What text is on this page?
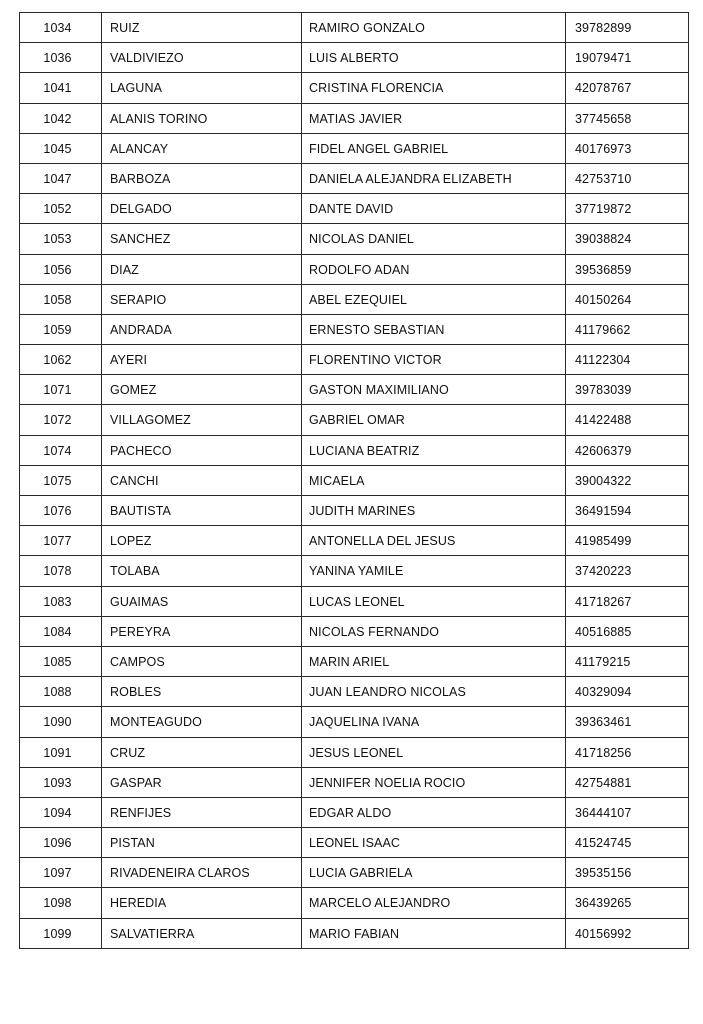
1034	RUIZ	RAMIRO GONZALO	39782899
1036	VALDIVIEZO	LUIS ALBERTO	19079471
1041	LAGUNA	CRISTINA FLORENCIA	42078767
1042	ALANIS TORINO	MATIAS JAVIER	37745658
1045	ALANCAY	FIDEL ANGEL GABRIEL	40176973
1047	BARBOZA	DANIELA ALEJANDRA ELIZABETH	42753710
1052	DELGADO	DANTE DAVID	37719872
1053	SANCHEZ	NICOLAS DANIEL	39038824
1056	DIAZ	RODOLFO ADAN	39536859
1058	SERAPIO	ABEL EZEQUIEL	40150264
1059	ANDRADA	ERNESTO SEBASTIAN	41179662
1062	AYERI	FLORENTINO VICTOR	41122304
1071	GOMEZ	GASTON MAXIMILIANO	39783039
1072	VILLAGOMEZ	GABRIEL OMAR	41422488
1074	PACHECO	LUCIANA BEATRIZ	42606379
1075	CANCHI	MICAELA	39004322
1076	BAUTISTA	JUDITH MARINES	36491594
1077	LOPEZ	ANTONELLA DEL JESUS	41985499
1078	TOLABA	YANINA YAMILE	37420223
1083	GUAIMAS	LUCAS LEONEL	41718267
1084	PEREYRA	NICOLAS FERNANDO	40516885
1085	CAMPOS	MARIN ARIEL	41179215
1088	ROBLES	JUAN LEANDRO NICOLAS	40329094
1090	MONTEAGUDO	JAQUELINA IVANA	39363461
1091	CRUZ	JESUS LEONEL	41718256
1093	GASPAR	JENNIFER NOELIA ROCIO	42754881
1094	RENFIJES	EDGAR ALDO	36444107
1096	PISTAN	LEONEL ISAAC	41524745
1097	RIVADENEIRA CLAROS	LUCIA GABRIELA	39535156
1098	HEREDIA	MARCELO ALEJANDRO	36439265
1099	SALVATIERRA	MARIO FABIAN	40156992
